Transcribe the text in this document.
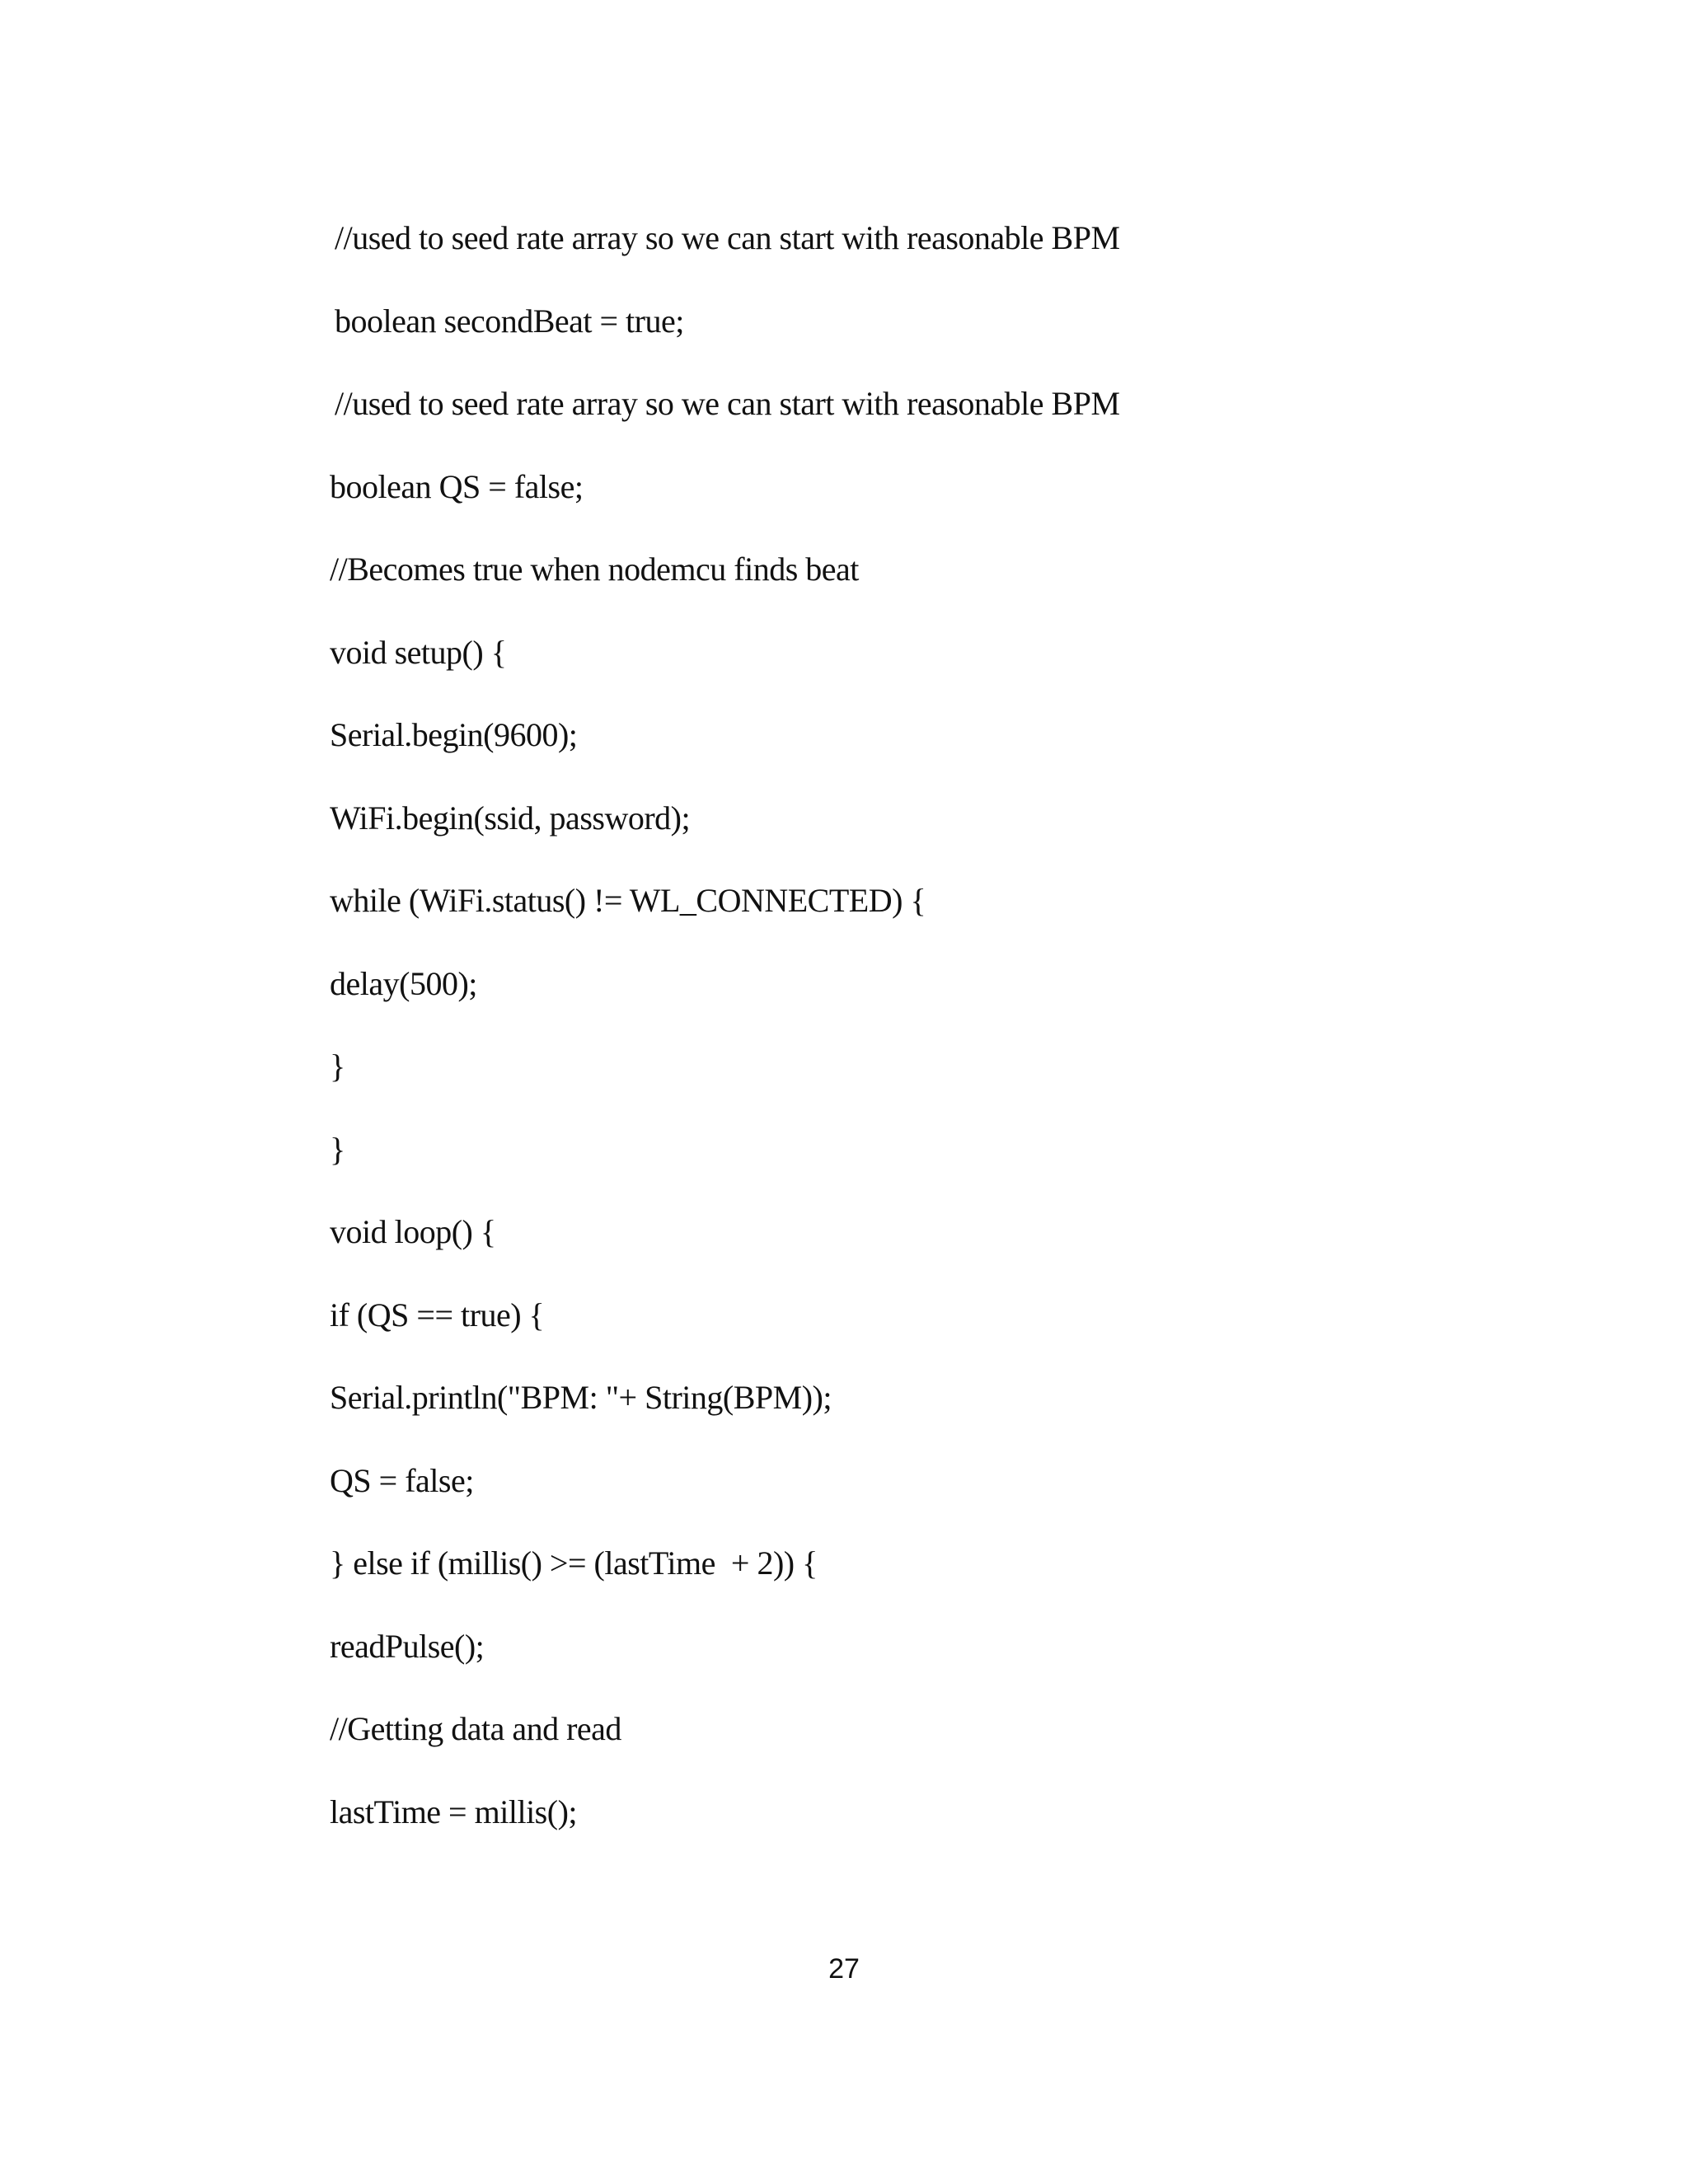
//used to seed rate array so we can start with reasonable BPM
boolean secondBeat = true;
//used to seed rate array so we can start with reasonable BPM
boolean QS = false;
//Becomes true when nodemcu finds beat
void setup() {
Serial.begin(9600);
WiFi.begin(ssid, password);
while (WiFi.status() != WL_CONNECTED) {
delay(500);
}
}
void loop() {
if (QS == true) {
Serial.println("BPM: "+ String(BPM));
QS = false;
} else if (millis() >= (lastTime  + 2)) {
readPulse();
//Getting data and read
lastTime = millis();
27
